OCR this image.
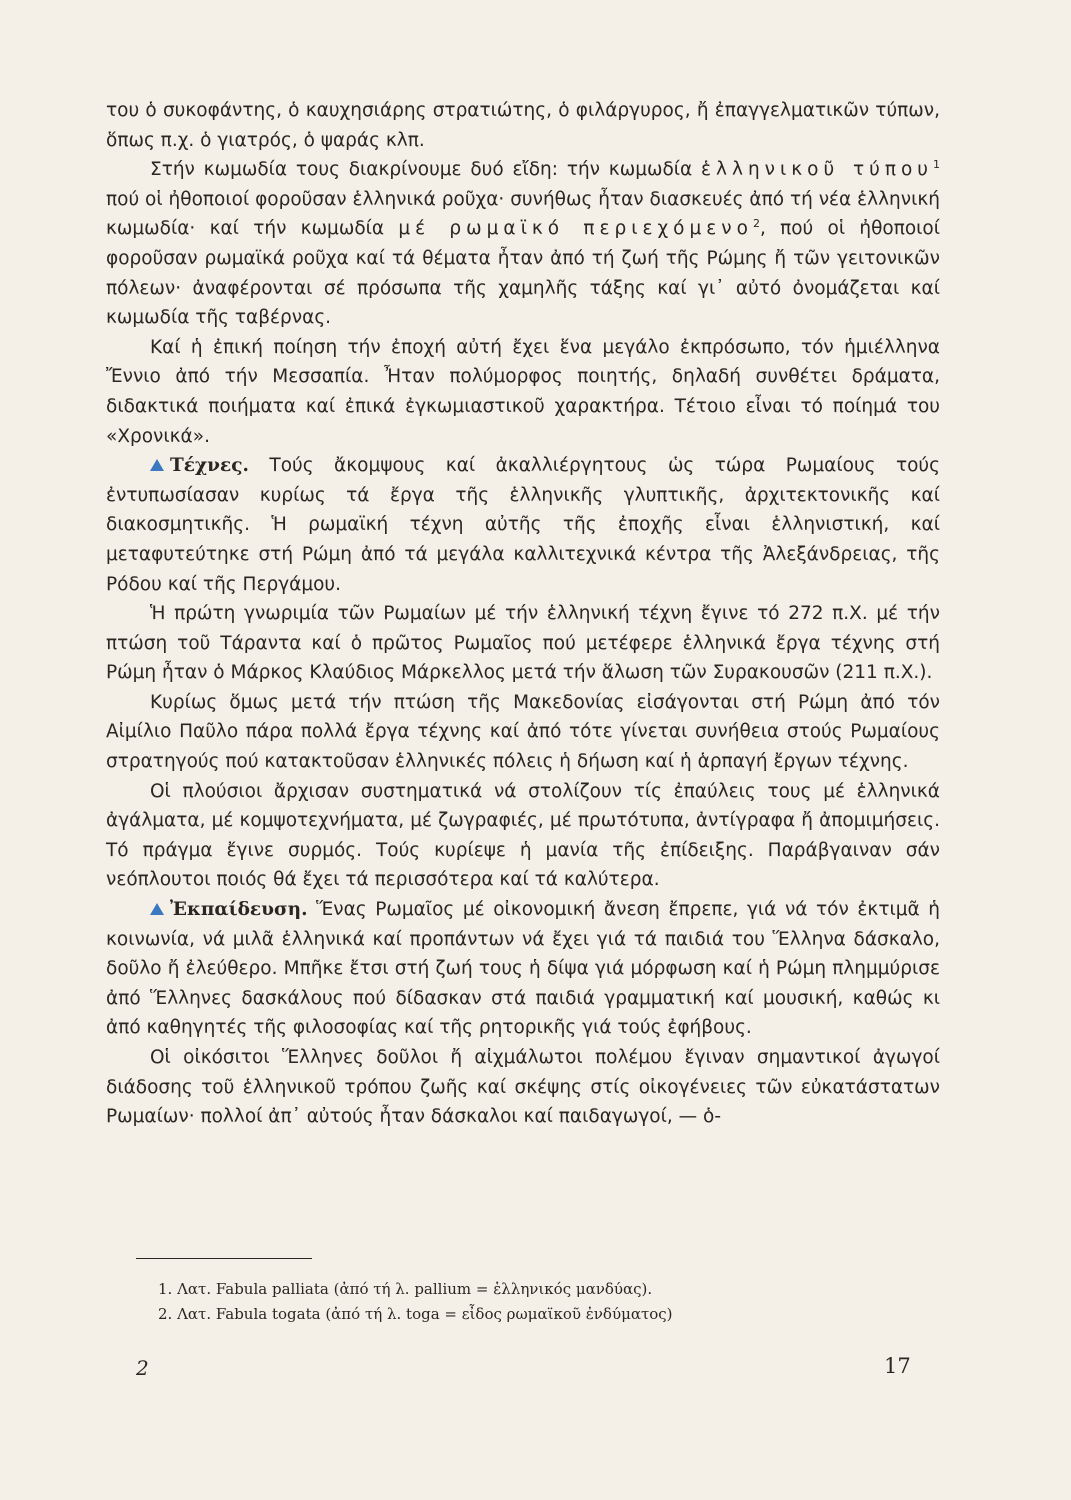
του ὁ συκοφάντης, ὁ καυχησιάρης στρατιώτης, ὁ φιλάργυρος, ἤ ἐπαγγελματικῶν τύπων, ὅπως π.χ. ὁ γιατρός, ὁ ψαράς κλπ.

Στήν κωμωδία τους διακρίνουμε δυό εἴδη: τήν κωμωδία ἑλληνικοῦ τύπου$^1$ πού οἱ ἠθοποιοί φοροῦσαν ἑλληνικά ροῦχα· συνήθως ἦταν διασκευές ἀπό τή νέα ἑλληνική κωμωδία· καί τήν κωμωδία μέ ρωμαϊκό περιεχόμενο$^2$, πού οἱ ἠθοποιοί φοροῦσαν ρωμαϊκά ροῦχα καί τά θέματα ἦταν ἀπό τή ζωή τῆς Ρώμης ἤ τῶν γειτονικῶν πόλεων· ἀναφέρονται σέ πρόσωπα τῆς χαμηλῆς τάξης καί γι᾿ αὐτό ὀνομάζεται καί κωμωδία τῆς ταβέρνας.

Καί ἡ ἐπική ποίηση τήν ἐποχή αὐτή ἔχει ἕνα μεγάλο ἐκπρόσωπο, τόν ἡμιέλληνα Ἔννιο ἀπό τήν Μεσσαπία. Ἦταν πολύμορφος ποιητής, δηλαδή συνθέτει δράματα, διδακτικά ποιήματα καί ἐπικά ἐγκωμιαστικοῦ χαρακτήρα. Τέτοιο εἶναι τό ποίημά του «Χρονικά».

Τέχνες. Τούς ἄκομψους καί ἀκαλλιέργητους ὡς τώρα Ρωμαίους τούς ἐντυπωσίασαν κυρίως τά ἔργα τῆς ἑλληνικῆς γλυπτικῆς, ἀρχιτεκτονικῆς καί διακοσμητικῆς. Ἡ ρωμαϊκή τέχνη αὐτῆς τῆς ἐποχῆς εἶναι ἑλληνιστική, καί μεταφυτεύτηκε στή Ρώμη ἀπό τά μεγάλα καλλιτεχνικά κέντρα τῆς Ἀλεξάνδρειας, τῆς Ρόδου καί τῆς Περγάμου.

Ἡ πρώτη γνωριμία τῶν Ρωμαίων μέ τήν ἑλληνική τέχνη ἔγινε τό 272 π.Χ. μέ τήν πτώση τοῦ Τάραντα καί ὁ πρῶτος Ρωμαῖος πού μετέφερε ἑλληνικά ἔργα τέχνης στή Ρώμη ἦταν ὁ Μάρκος Κλαύδιος Μάρκελλος μετά τήν ἅλωση τῶν Συρακουσῶν (211 π.Χ.).

Κυρίως ὅμως μετά τήν πτώση τῆς Μακεδονίας εἰσάγονται στή Ρώμη ἀπό τόν Αἰμίλιο Παῦλο πάρα πολλά ἔργα τέχνης καί ἀπό τότε γίνεται συνήθεια στούς Ρωμαίους στρατηγούς πού κατακτοῦσαν ἑλληνικές πόλεις ἡ δήωση καί ἡ ἁρπαγή ἔργων τέχνης.

Οἱ πλούσιοι ἄρχισαν συστηματικά νά στολίζουν τίς ἐπαύλεις τους μέ ἑλληνικά ἀγάλματα, μέ κομψοτεχνήματα, μέ ζωγραφιές, μέ πρωτότυπα, ἀντίγραφα ἤ ἀπομιμήσεις. Τό πράγμα ἔγινε συρμός. Τούς κυρίεψε ἡ μανία τῆς ἐπίδειξης. Παράβγαιναν σάν νεόπλουτοι ποιός θά ἔχει τά περισσότερα καί τά καλύτερα.

Ἐκπαίδευση. Ἕνας Ρωμαῖος μέ οἰκονομική ἄνεση ἔπρεπε, γιά νά τόν ἐκτιμᾶ ἡ κοινωνία, νά μιλᾶ ἑλληνικά καί προπάντων νά ἔχει γιά τά παιδιά του Ἕλληνα δάσκαλο, δοῦλο ἤ ἐλεύθερο. Μπῆκε ἔτσι στή ζωή τους ἡ δίψα γιά μόρφωση καί ἡ Ρώμη πλημμύρισε ἀπό Ἕλληνες δασκάλους πού δίδασκαν στά παιδιά γραμματική καί μουσική, καθώς κι ἀπό καθηγητές τῆς φιλοσοφίας καί τῆς ρητορικῆς γιά τούς ἐφήβους.

Οἱ οἰκόσιτοι Ἕλληνες δοῦλοι ἤ αἰχμάλωτοι πολέμου ἔγιναν σημαντικοί ἀγωγοί διάδοσης τοῦ ἑλληνικοῦ τρόπου ζωῆς καί σκέψης στίς οἰκογένειες τῶν εὐκατάστατων Ρωμαίων· πολλοί ἀπ᾿ αὐτούς ἦταν δάσκαλοι καί παιδαγωγοί, — ὁ-

1. Λατ. Fabula palliata (ἀπό τή λ. pallium = ἑλληνικός μανδύας).

2. Λατ. Fabula togata (ἀπό τή λ. toga = εἶδος ρωμαϊκοῦ ἐνδύματος)

2	17
